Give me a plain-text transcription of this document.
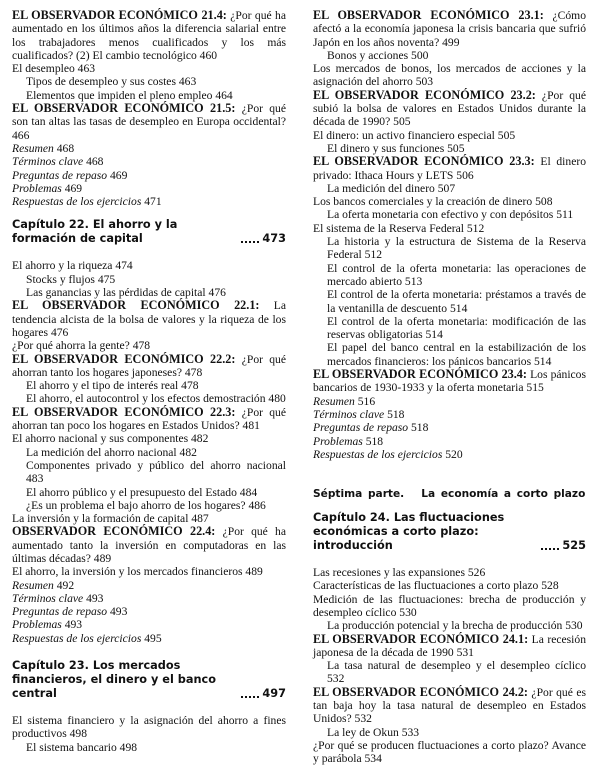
EL OBSERVADOR ECONÓMICO 21.4: ¿Por qué ha aumentado en los últimos años la diferencia salarial entre los trabajadores menos cualificados y los más cualificados? (2) El cambio tecnológico 460

El desempleo 463

Tipos de desempleo y sus costes 463

Elementos que impiden el pleno empleo 464

EL OBSERVADOR ECONÓMICO 21.5: ¿Por qué son tan altas las tasas de desempleo en Europa occidental? 466

Resumen 468

Términos clave 468

Preguntas de repaso 469

Problemas 469

Respuestas de los ejercicios 471

Capítulo 22. El ahorro y la formación de capital	473

El ahorro y la riqueza 474

Stocks y flujos 475

Las ganancias y las pérdidas de capital 476

EL OBSERVADOR ECONÓMICO 22.1: La tendencia alcista de la bolsa de valores y la riqueza de los hogares 476

¿Por qué ahorra la gente? 478

EL OBSERVADOR ECONÓMICO 22.2: ¿Por qué ahorran tanto los hogares japoneses? 478

El ahorro y el tipo de interés real 478

El ahorro, el autocontrol y los efectos demostración 480

EL OBSERVADOR ECONÓMICO 22.3: ¿Por qué ahorran tan poco los hogares en Estados Unidos? 481

El ahorro nacional y sus componentes 482

La medición del ahorro nacional 482

Componentes privado y público del ahorro nacional 483

El ahorro público y el presupuesto del Estado 484

¿Es un problema el bajo ahorro de los hogares? 486

La inversión y la formación de capital 487

OBSERVADOR ECONÓMICO 22.4: ¿Por qué ha aumentado tanto la inversión en computadoras en las últimas décadas? 489

El ahorro, la inversión y los mercados financieros 489

Resumen 492

Términos clave 493

Preguntas de repaso 493

Problemas 493

Respuestas de los ejercicios 495

Capítulo 23. Los mercados financieros, el dinero y el banco central	497

El sistema financiero y la asignación del ahorro a fines productivos 498

El sistema bancario 498

EL OBSERVADOR ECONÓMICO 23.1: ¿Cómo afectó a la economía japonesa la crisis bancaria que sufrió Japón en los años noventa? 499

Bonos y acciones 500

Los mercados de bonos, los mercados de acciones y la asignación del ahorro 503

EL OBSERVADOR ECONÓMICO 23.2: ¿Por qué subió la bolsa de valores en Estados Unidos durante la década de 1990? 505

El dinero: un activo financiero especial 505

El dinero y sus funciones 505

EL OBSERVADOR ECONÓMICO 23.3: El dinero privado: Ithaca Hours y LETS 506

La medición del dinero 507

Los bancos comerciales y la creación de dinero 508

La oferta monetaria con efectivo y con depósitos 511

El sistema de la Reserva Federal 512

La historia y la estructura de Sistema de la Reserva Federal 512

El control de la oferta monetaria: las operaciones de mercado abierto 513

El control de la oferta monetaria: préstamos a través de la ventanilla de descuento 514

El control de la oferta monetaria: modificación de las reservas obligatorias 514

El papel del banco central en la estabilización de los mercados financieros: los pánicos bancarios 514

EL OBSERVADOR ECONÓMICO 23.4: Los pánicos bancarios de 1930-1933 y la oferta monetaria 515

Resumen 516

Términos clave 518

Preguntas de repaso 518

Problemas 518

Respuestas de los ejercicios 520

Séptima parte.   La economía a corto plazo
Capítulo 24. Las fluctuaciones económicas a corto plazo: introducción	525

Las recesiones y las expansiones 526

Características de las fluctuaciones a corto plazo 528

Medición de las fluctuaciones: brecha de producción y desempleo cíclico 530

La producción potencial y la brecha de producción 530

EL OBSERVADOR ECONÓMICO 24.1: La recesión japonesa de la década de 1990 531

La tasa natural de desempleo y el desempleo cíclico 532

EL OBSERVADOR ECONÓMICO 24.2: ¿Por qué es tan baja hoy la tasa natural de desempleo en Estados Unidos? 532

La ley de Okun 533

¿Por qué se producen fluctuaciones a corto plazo? Avance y parábola 534
